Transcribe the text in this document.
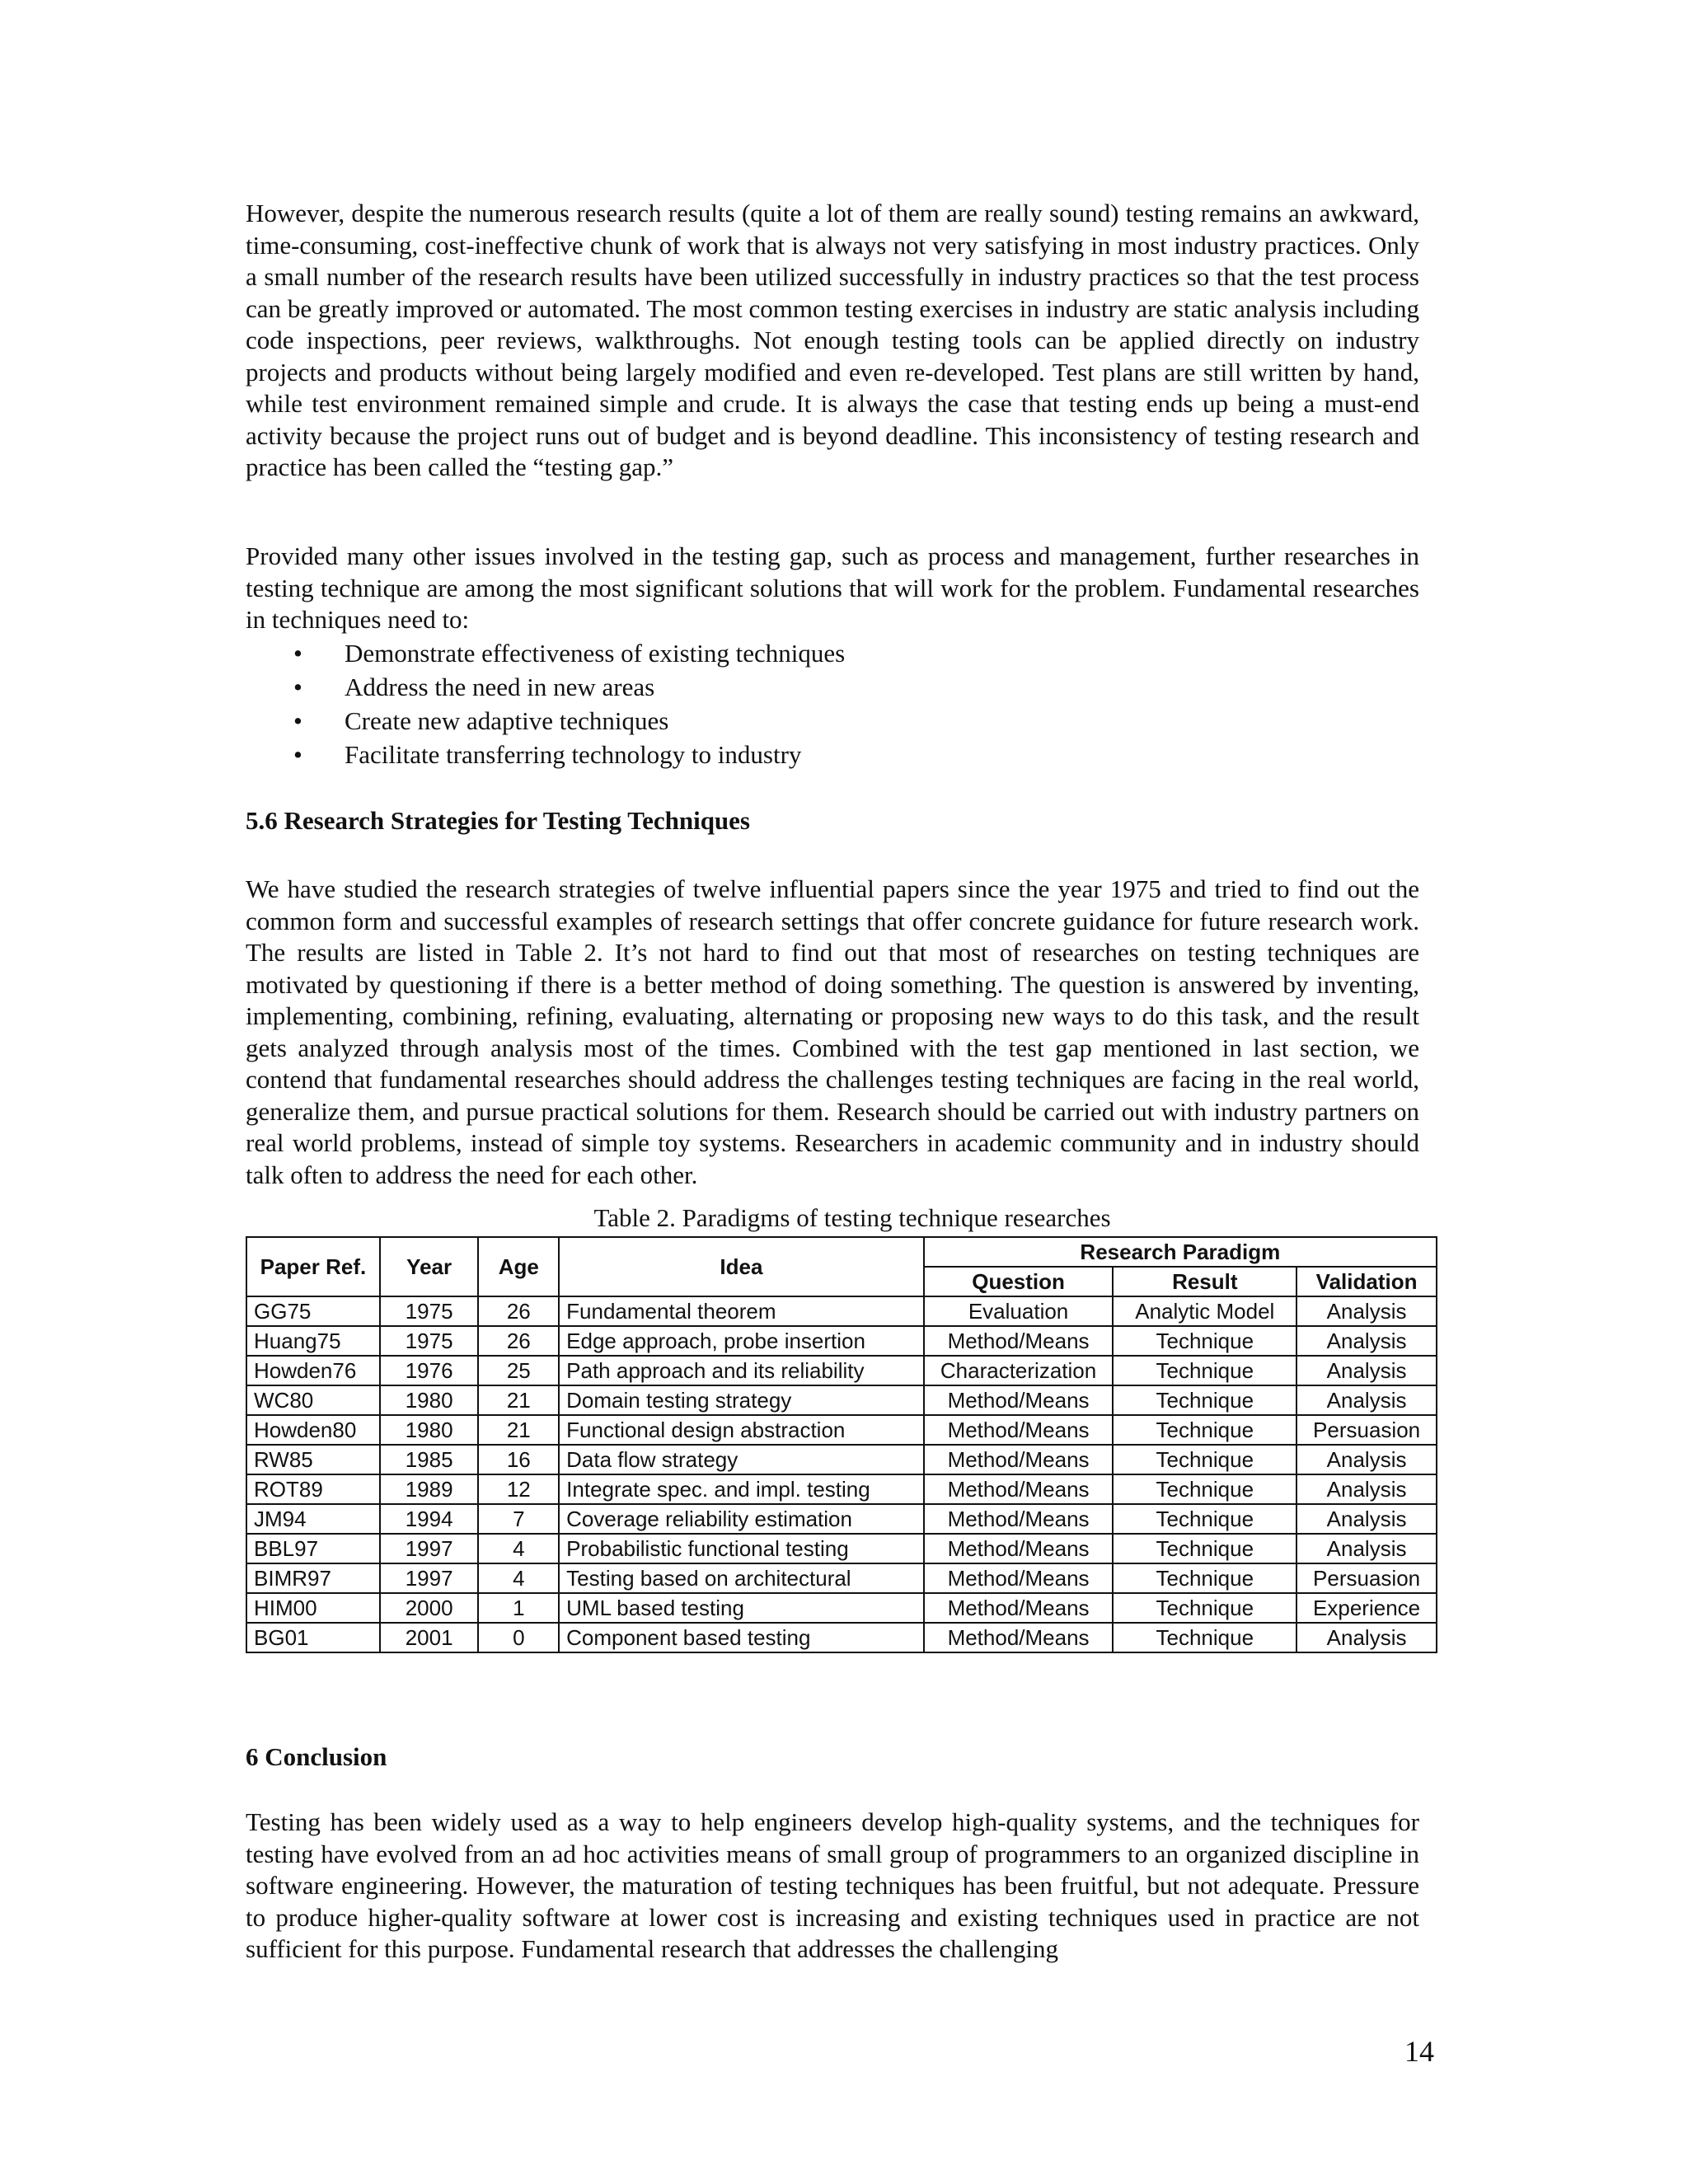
However, despite the numerous research results (quite a lot of them are really sound) testing remains an awkward, time-consuming, cost-ineffective chunk of work that is always not very satisfying in most industry practices. Only a small number of the research results have been utilized successfully in industry practices so that the test process can be greatly improved or automated. The most common testing exercises in industry are static analysis including code inspections, peer reviews, walkthroughs. Not enough testing tools can be applied directly on industry projects and products without being largely modified and even re-developed. Test plans are still written by hand, while test environment remained simple and crude. It is always the case that testing ends up being a must-end activity because the project runs out of budget and is beyond deadline. This inconsistency of testing research and practice has been called the “testing gap.”

Provided many other issues involved in the testing gap, such as process and management, further researches in testing technique are among the most significant solutions that will work for the problem. Fundamental researches in techniques need to:

• Demonstrate effectiveness of existing techniques
• Address the need in new areas
• Create new adaptive techniques
• Facilitate transferring technology to industry
5.6 Research Strategies for Testing Techniques

We have studied the research strategies of twelve influential papers since the year 1975 and tried to find out the common form and successful examples of research settings that offer concrete guidance for future research work. The results are listed in Table 2. It’s not hard to find out that most of researches on testing techniques are motivated by questioning if there is a better method of doing something. The question is answered by inventing, implementing, combining, refining, evaluating, alternating or proposing new ways to do this task, and the result gets analyzed through analysis most of the times. Combined with the test gap mentioned in last section, we contend that fundamental researches should address the challenges testing techniques are facing in the real world, generalize them, and pursue practical solutions for them. Research should be carried out with industry partners on real world problems, instead of simple toy systems. Researchers in academic community and in industry should talk often to address the need for each other.

Table 2. Paradigms of testing technique researches

Paper Ref.	Year	Age	Idea	Research Paradigm		
				Question	Result	Validation
GG75	1975	26	Fundamental theorem	Evaluation	Analytic Model	Analysis
Huang75	1975	26	Edge approach, probe insertion	Method/Means	Technique	Analysis
Howden76	1976	25	Path approach and its reliability	Characterization	Technique	Analysis
WC80	1980	21	Domain testing strategy	Method/Means	Technique	Analysis
Howden80	1980	21	Functional design abstraction	Method/Means	Technique	Persuasion
RW85	1985	16	Data flow strategy	Method/Means	Technique	Analysis
ROT89	1989	12	Integrate spec. and impl. testing	Method/Means	Technique	Analysis
JM94	1994	7	Coverage reliability estimation	Method/Means	Technique	Analysis
BBL97	1997	4	Probabilistic functional testing	Method/Means	Technique	Analysis
BIMR97	1997	4	Testing based on architectural	Method/Means	Technique	Persuasion
HIM00	2000	1	UML based testing	Method/Means	Technique	Experience
BG01	2001	0	Component based testing	Method/Means	Technique	Analysis
6 Conclusion

Testing has been widely used as a way to help engineers develop high-quality systems, and the techniques for testing have evolved from an ad hoc activities means of small group of programmers to an organized discipline in software engineering. However, the maturation of testing techniques has been fruitful, but not adequate. Pressure to produce higher-quality software at lower cost is increasing and existing techniques used in practice are not sufficient for this purpose. Fundamental research that addresses the challenging

14
